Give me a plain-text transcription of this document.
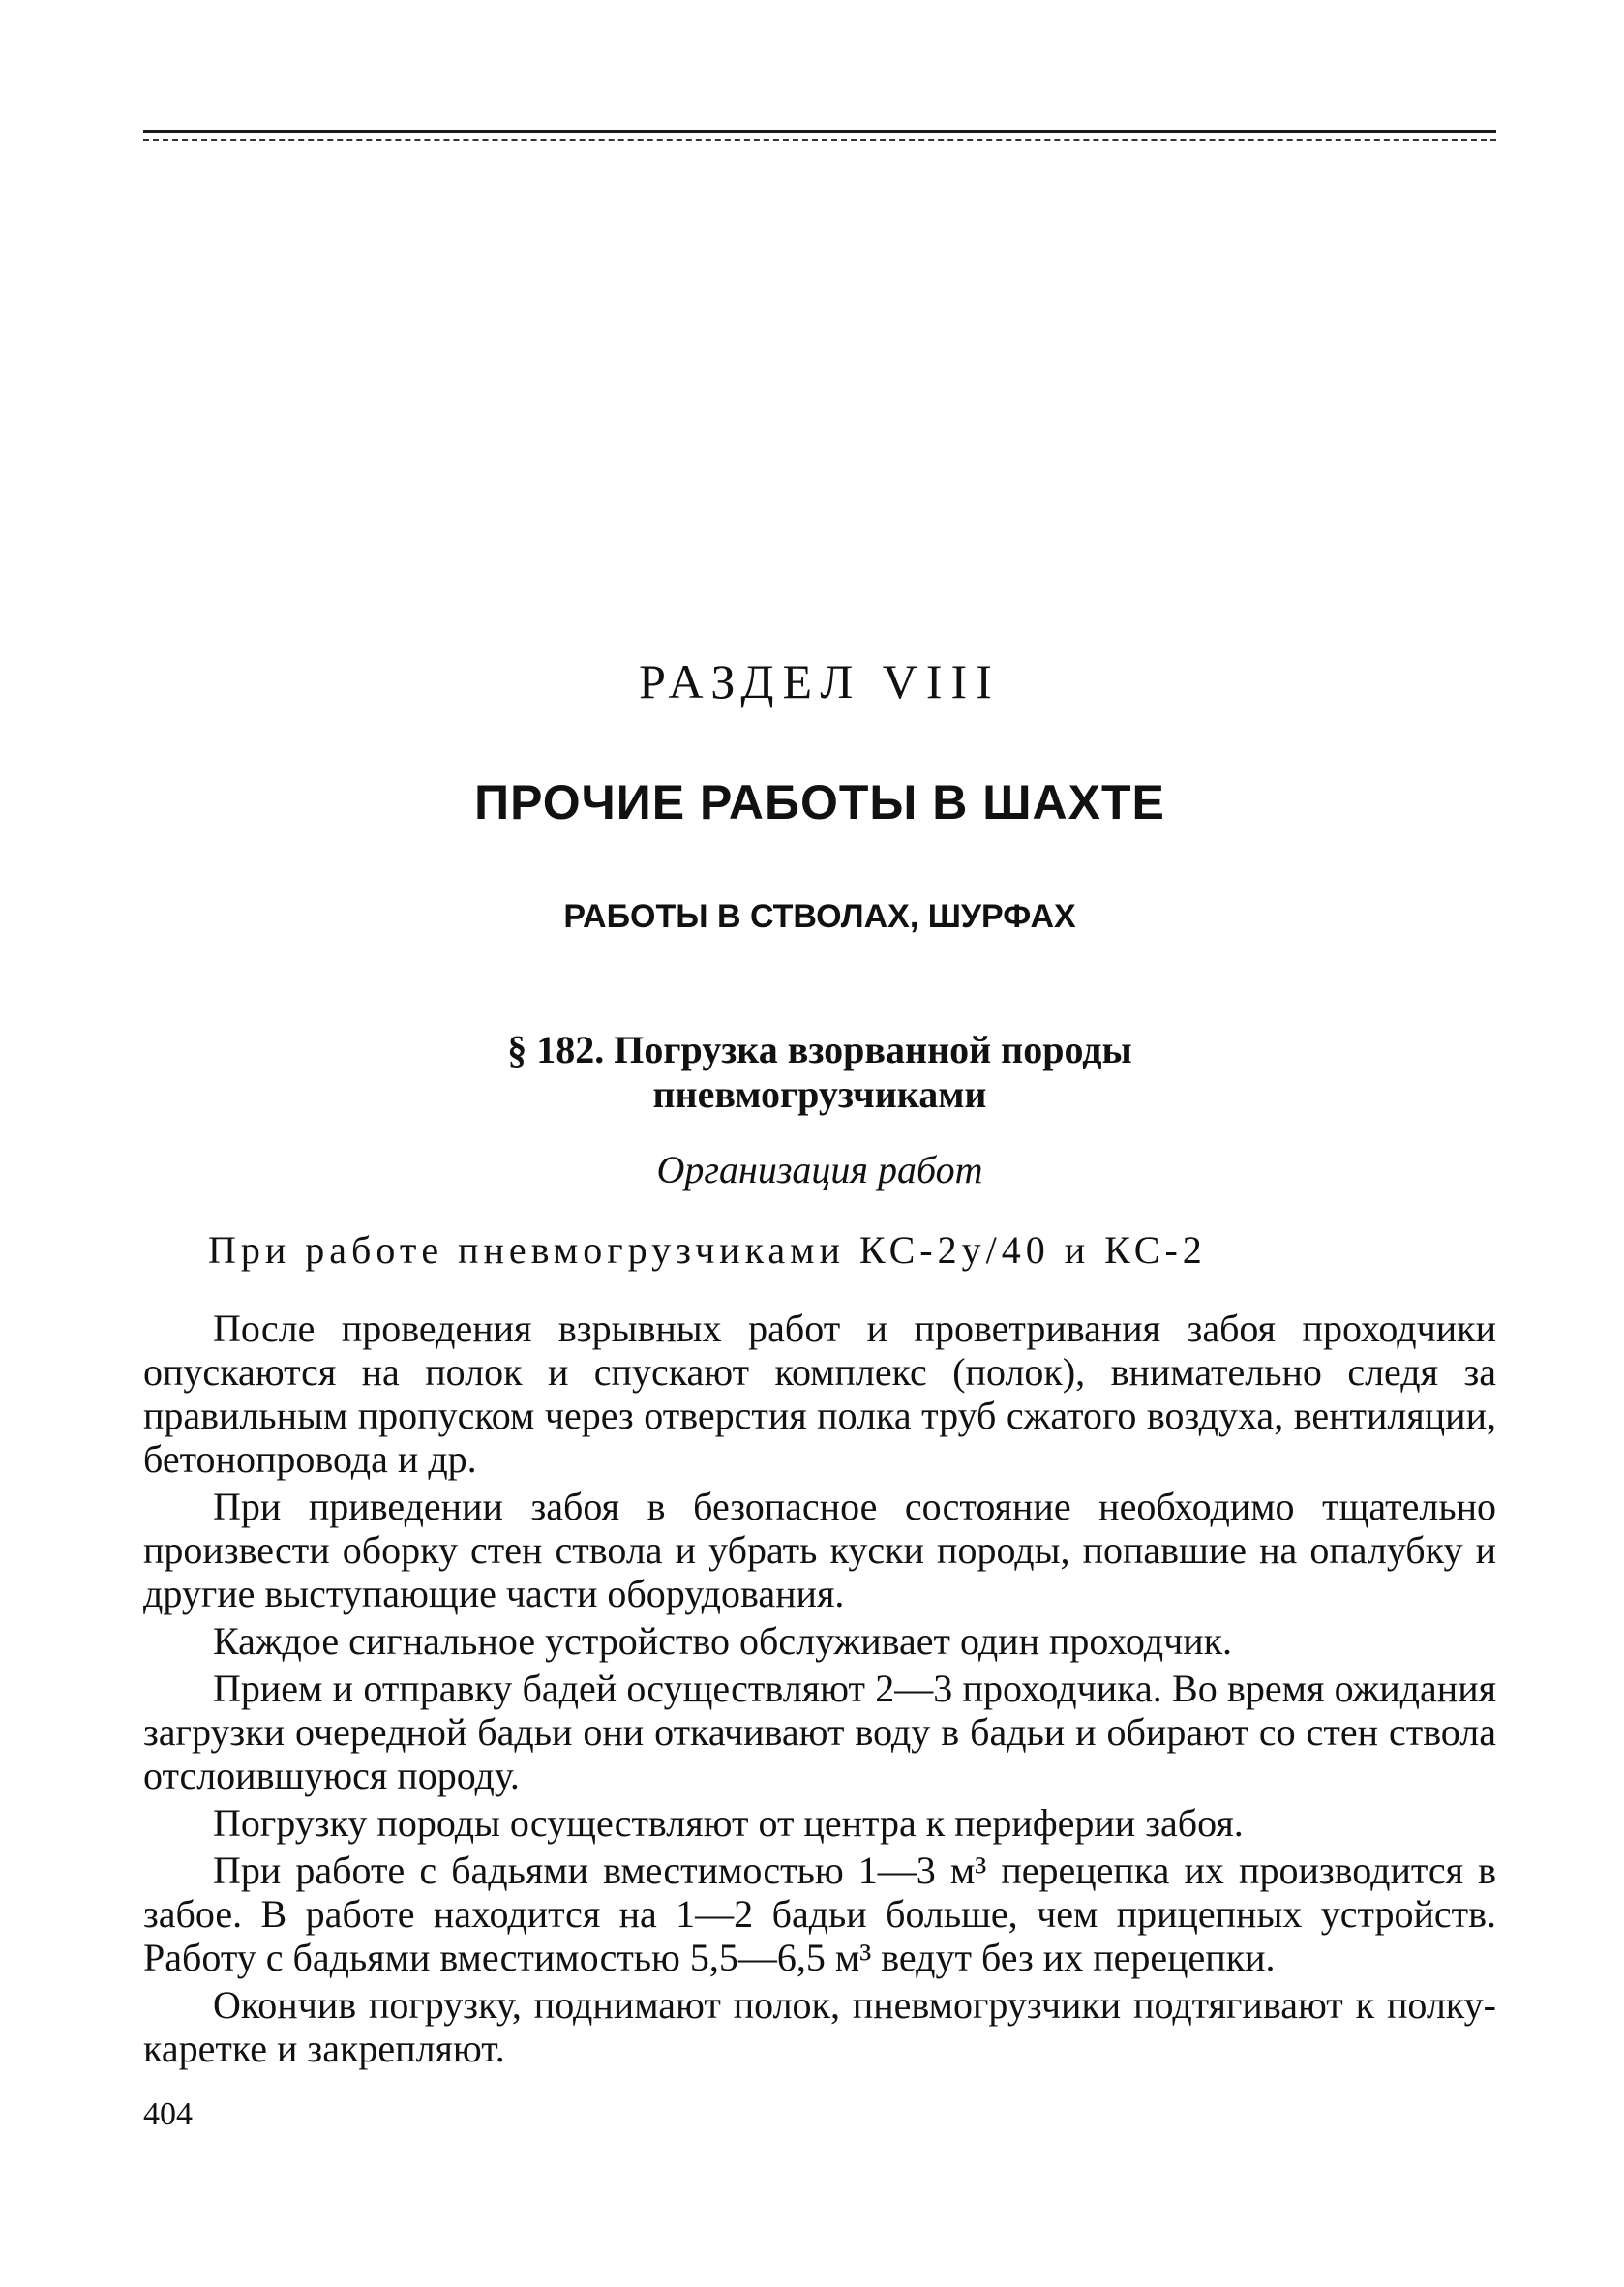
РАЗДЕЛ VIII
ПРОЧИЕ РАБОТЫ В ШАХТЕ
РАБОТЫ В СТВОЛАХ, ШУРФАХ
§ 182. Погрузка взорванной породы
пневмогрузчиками

Организация работ

При работе пневмогрузчиками КС-2у/40 и КС-2

После проведения взрывных работ и проветривания забоя проходчики опускаются на полок и спускают комплекс (полок), внимательно следя за правильным пропуском через отверстия полка труб сжатого воздуха, вентиляции, бетонопровода и др.

При приведении забоя в безопасное состояние необходимо тщательно произвести оборку стен ствола и убрать куски породы, попавшие на опалубку и другие выступающие части оборудования.

Каждое сигнальное устройство обслуживает один проходчик.

Прием и отправку бадей осуществляют 2—3 проходчика. Во время ожидания загрузки очередной бадьи они откачивают воду в бадьи и обирают со стен ствола отслоившуюся породу.

Погрузку породы осуществляют от центра к периферии забоя.

При работе с бадьями вместимостью 1—3 м³ перецепка их производится в забое. В работе находится на 1—2 бадьи больше, чем прицепных устройств. Работу с бадьями вместимостью 5,5—6,5 м³ ведут без их перецепки.

Окончив погрузку, поднимают полок, пневмогрузчики подтягивают к полку-каретке и закрепляют.

404
